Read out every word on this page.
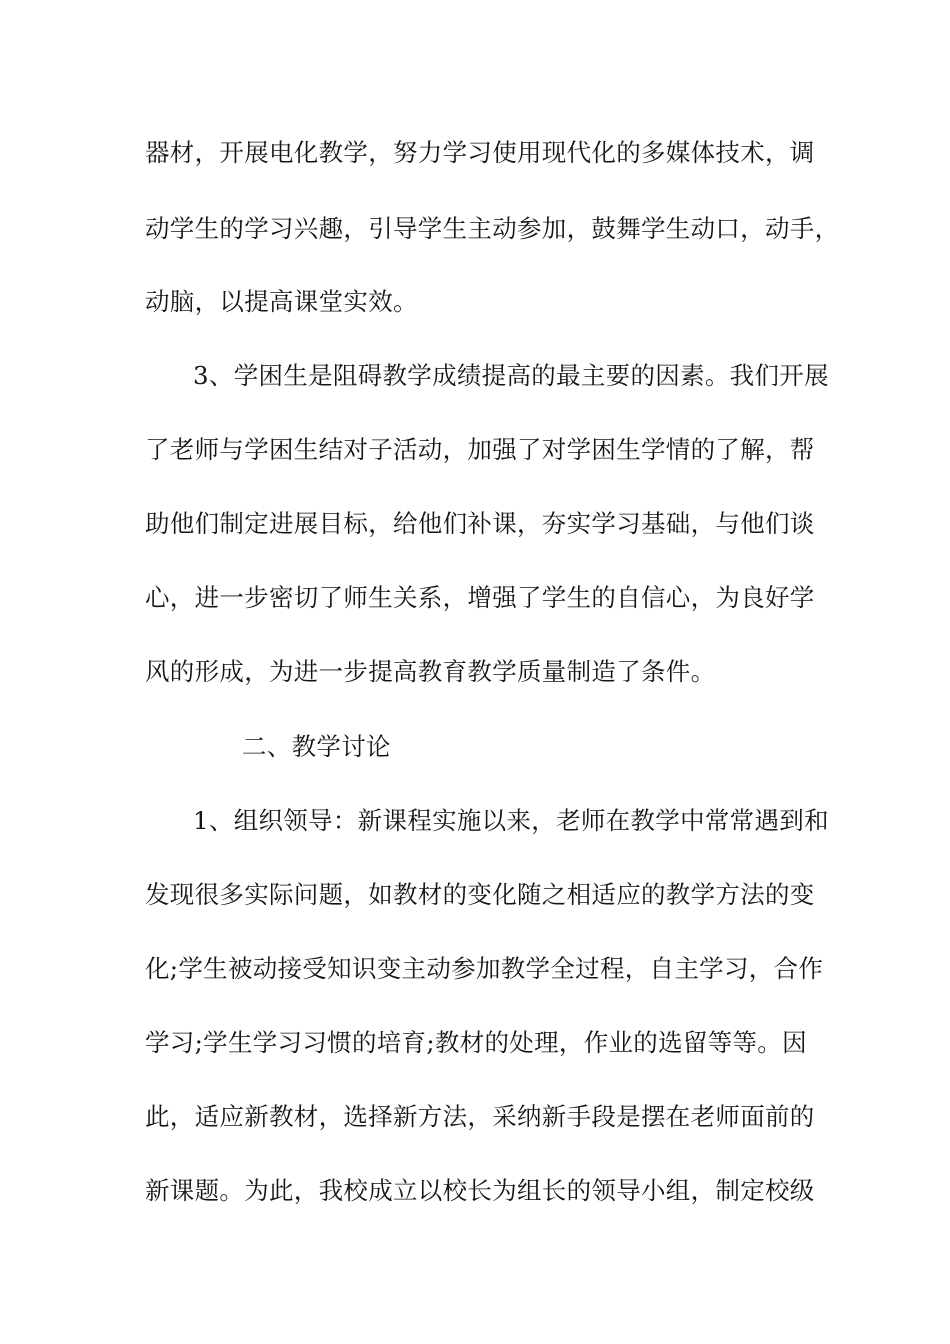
器材，开展电化教学，努力学习使用现代化的多媒体技术，调
动学生的学习兴趣，引导学生主动参加，鼓舞学生动口，动手，
动脑，以提高课堂实效。
3、学困生是阻碍教学成绩提高的最主要的因素。我们开展
了老师与学困生结对子活动，加强了对学困生学情的了解，帮
助他们制定进展目标，给他们补课，夯实学习基础，与他们谈
心，进一步密切了师生关系，增强了学生的自信心，为良好学
风的形成，为进一步提高教育教学质量制造了条件。
二、教学讨论
1、组织领导：新课程实施以来，老师在教学中常常遇到和
发现很多实际问题，如教材的变化随之相适应的教学方法的变
化;学生被动接受知识变主动参加教学全过程，自主学习，合作
学习;学生学习习惯的培育;教材的处理，作业的选留等等。因
此，适应新教材，选择新方法，采纳新手段是摆在老师面前的
新课题。为此，我校成立以校长为组长的领导小组，制定校级
